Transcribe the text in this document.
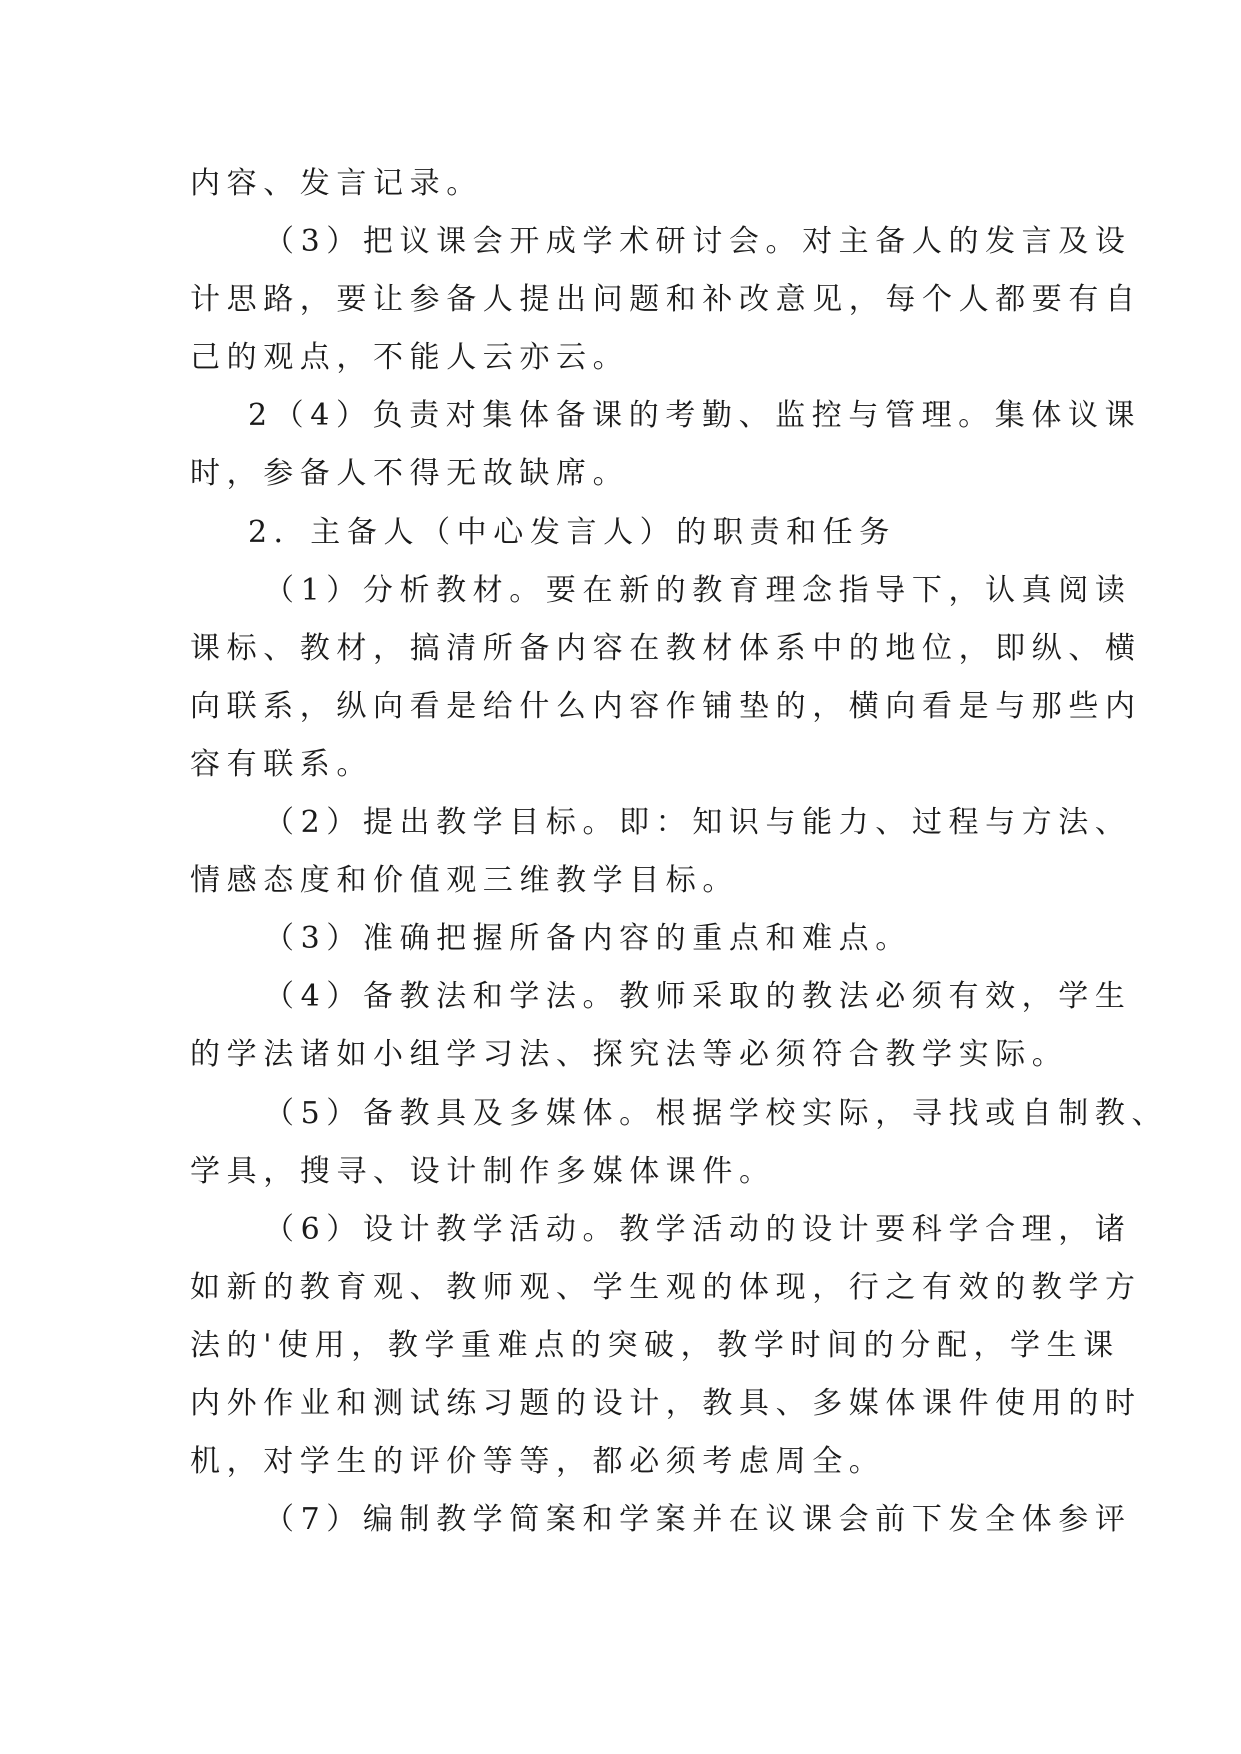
内容、发言记录。
（3）把议课会开成学术研讨会。对主备人的发言及设
计思路，要让参备人提出问题和补改意见，每个人都要有自
己的观点，不能人云亦云。
2（4）负责对集体备课的考勤、监控与管理。集体议课
时，参备人不得无故缺席。
2．主备人（中心发言人）的职责和任务
（1）分析教材。要在新的教育理念指导下，认真阅读
课标、教材，搞清所备内容在教材体系中的地位，即纵、横
向联系，纵向看是给什么内容作铺垫的，横向看是与那些内
容有联系。
（2）提出教学目标。即：知识与能力、过程与方法、
情感态度和价值观三维教学目标。
（3）准确把握所备内容的重点和难点。
（4）备教法和学法。教师采取的教法必须有效，学生
的学法诸如小组学习法、探究法等必须符合教学实际。
（5）备教具及多媒体。根据学校实际，寻找或自制教、
学具，搜寻、设计制作多媒体课件。
（6）设计教学活动。教学活动的设计要科学合理，诸
如新的教育观、教师观、学生观的体现，行之有效的教学方
法的'使用，教学重难点的突破，教学时间的分配，学生课
内外作业和测试练习题的设计，教具、多媒体课件使用的时
机，对学生的评价等等，都必须考虑周全。
（7）编制教学简案和学案并在议课会前下发全体参评
